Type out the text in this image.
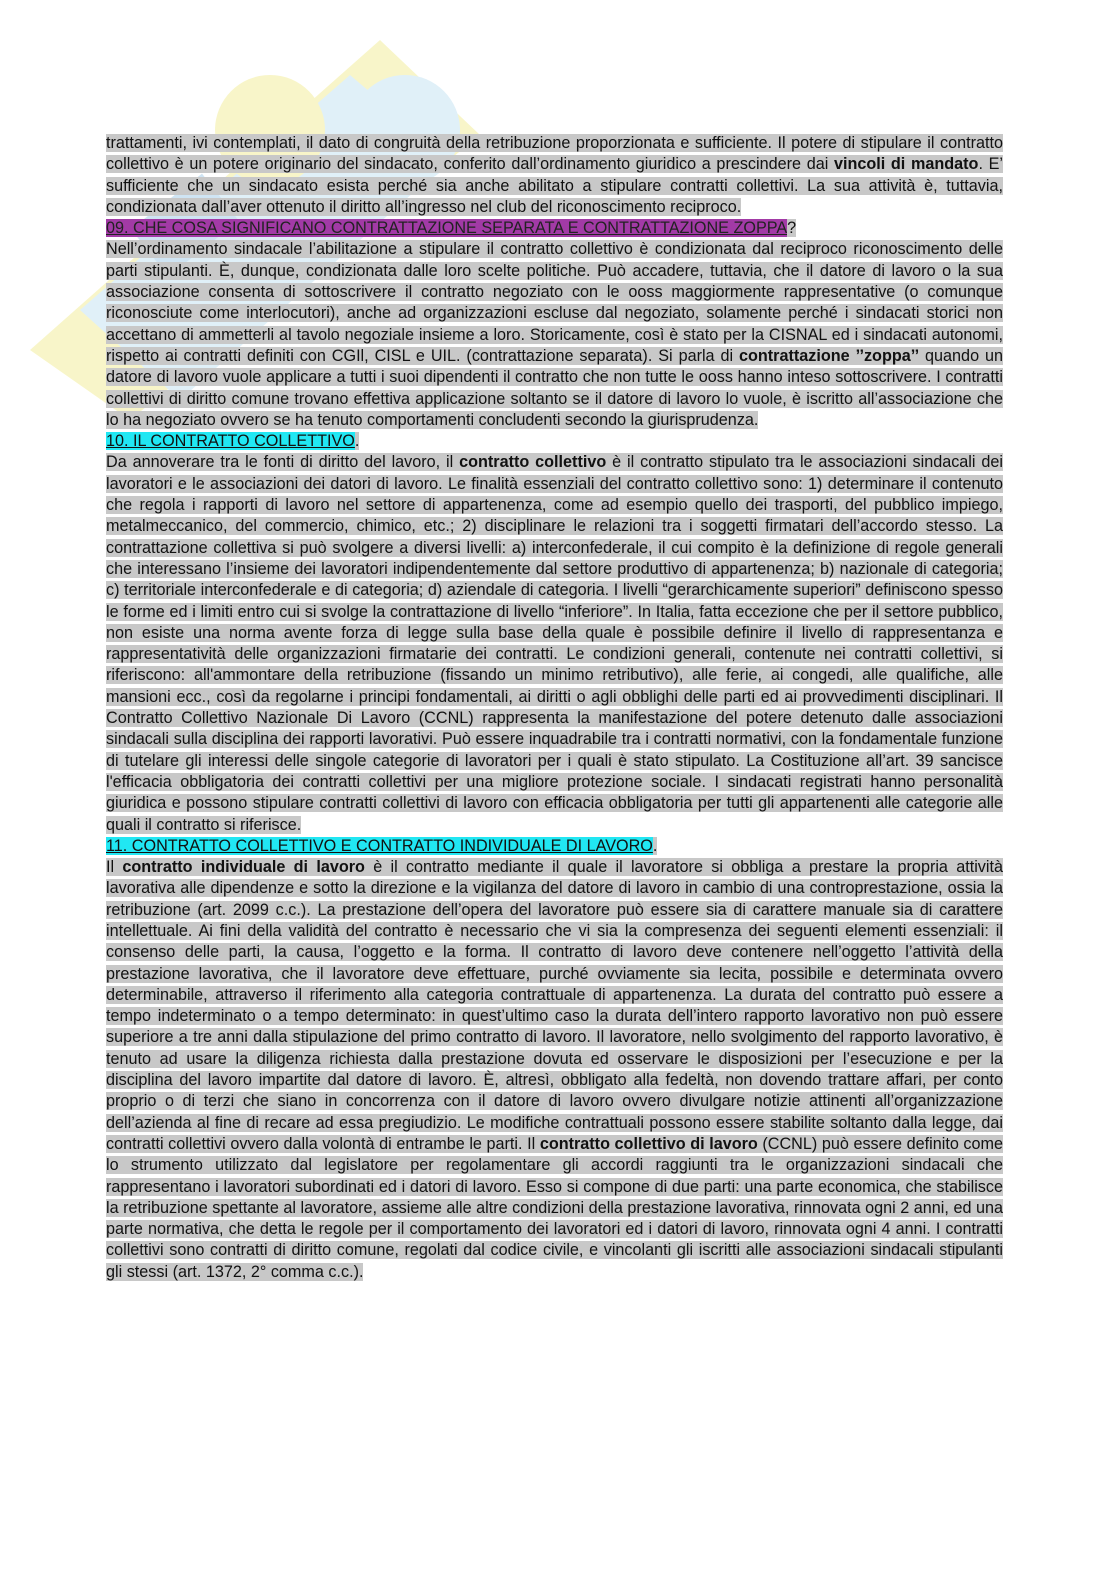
trattamenti, ivi contemplati, il dato di congruità della retribuzione proporzionata e sufficiente. Il potere di stipulare il contratto collettivo è un potere originario del sindacato, conferito dall’ordinamento giuridico a prescindere dai vincoli di mandato. E’ sufficiente che un sindacato esista perché sia anche abilitato a stipulare contratti collettivi. La sua attività è, tuttavia, condizionata dall’aver ottenuto il diritto all’ingresso nel club del riconoscimento reciproco.

09. CHE COSA SIGNIFICANO CONTRATTAZIONE SEPARATA E CONTRATTAZIONE ZOPPA?

Nell’ordinamento sindacale l’abilitazione a stipulare il contratto collettivo è condizionata dal reciproco riconoscimento delle parti stipulanti. È, dunque, condizionata dalle loro scelte politiche. Può accadere, tuttavia, che il datore di lavoro o la sua associazione consenta di sottoscrivere il contratto negoziato con le ooss maggiormente rappresentative (o comunque riconosciute come interlocutori), anche ad organizzazioni escluse dal negoziato, solamente perché i sindacati storici non accettano di ammetterli al tavolo negoziale insieme a loro. Storicamente, così è stato per la CISNAL ed i sindacati autonomi, rispetto ai contratti definiti con CGIl, CISL e UIL. (contrattazione separata). Si parla di contrattazione ’’zoppa’’ quando un datore di lavoro vuole applicare a tutti i suoi dipendenti il contratto che non tutte le ooss hanno inteso sottoscrivere. I contratti collettivi di diritto comune trovano effettiva applicazione soltanto se il datore di lavoro lo vuole, è iscritto all’associazione che lo ha negoziato ovvero se ha tenuto comportamenti concludenti secondo la giurisprudenza.

10. IL CONTRATTO COLLETTIVO.

Da annoverare tra le fonti di diritto del lavoro, il contratto collettivo è il contratto stipulato tra le associazioni sindacali dei lavoratori e le associazioni dei datori di lavoro. Le finalità essenziali del contratto collettivo sono: 1) determinare il contenuto che regola i rapporti di lavoro nel settore di appartenenza, come ad esempio quello dei trasporti, del pubblico impiego, metalmeccanico, del commercio, chimico, etc.; 2) disciplinare le relazioni tra i soggetti firmatari dell’accordo stesso. La contrattazione collettiva si può svolgere a diversi livelli: a) interconfederale, il cui compito è la definizione di regole generali che interessano l’insieme dei lavoratori indipendentemente dal settore produttivo di appartenenza; b) nazionale di categoria; c) territoriale interconfederale e di categoria; d) aziendale di categoria. I livelli “gerarchicamente superiori” definiscono spesso le forme ed i limiti entro cui si svolge la contrattazione di livello “inferiore”. In Italia, fatta eccezione che per il settore pubblico, non esiste una norma avente forza di legge sulla base della quale è possibile definire il livello di rappresentanza e rappresentatività delle organizzazioni firmatarie dei contratti. Le condizioni generali, contenute nei contratti collettivi, si riferiscono: all'ammontare della retribuzione (fissando un minimo retributivo), alle ferie, ai congedi, alle qualifiche, alle mansioni ecc., così da regolarne i principi fondamentali, ai diritti o agli obblighi delle parti ed ai provvedimenti disciplinari. Il Contratto Collettivo Nazionale Di Lavoro (CCNL) rappresenta la manifestazione del potere detenuto dalle associazioni sindacali sulla disciplina dei rapporti lavorativi. Può essere inquadrabile tra i contratti normativi, con la fondamentale funzione di tutelare gli interessi delle singole categorie di lavoratori per i quali è stato stipulato. La Costituzione all’art. 39 sancisce l'efficacia obbligatoria dei contratti collettivi per una migliore protezione sociale. I sindacati registrati hanno personalità giuridica e possono stipulare contratti collettivi di lavoro con efficacia obbligatoria per tutti gli appartenenti alle categorie alle quali il contratto si riferisce.

11. CONTRATTO COLLETTIVO E CONTRATTO INDIVIDUALE DI LAVORO.

Il contratto individuale di lavoro è il contratto mediante il quale il lavoratore si obbliga a prestare la propria attività lavorativa alle dipendenze e sotto la direzione e la vigilanza del datore di lavoro in cambio di una controprestazione, ossia la retribuzione (art. 2099 c.c.). La prestazione dell’opera del lavoratore può essere sia di carattere manuale sia di carattere intellettuale. Ai fini della validità del contratto è necessario che vi sia la compresenza dei seguenti elementi essenziali: il consenso delle parti, la causa, l’oggetto e la forma. Il contratto di lavoro deve contenere nell’oggetto l’attività della prestazione lavorativa, che il lavoratore deve effettuare, purché ovviamente sia lecita, possibile e determinata ovvero determinabile, attraverso il riferimento alla categoria contrattuale di appartenenza. La durata del contratto può essere a tempo indeterminato o a tempo determinato: in quest’ultimo caso la durata dell’intero rapporto lavorativo non può essere superiore a tre anni dalla stipulazione del primo contratto di lavoro. Il lavoratore, nello svolgimento del rapporto lavorativo, è tenuto ad usare la diligenza richiesta dalla prestazione dovuta ed osservare le disposizioni per l’esecuzione e per la disciplina del lavoro impartite dal datore di lavoro. È, altresì, obbligato alla fedeltà, non dovendo trattare affari, per conto proprio o di terzi che siano in concorrenza con il datore di lavoro ovvero divulgare notizie attinenti all’organizzazione dell’azienda al fine di recare ad essa pregiudizio. Le modifiche contrattuali possono essere stabilite soltanto dalla legge, dai contratti collettivi ovvero dalla volontà di entrambe le parti. Il contratto collettivo di lavoro (CCNL) può essere definito come lo strumento utilizzato dal legislatore per regolamentare gli accordi raggiunti tra le organizzazioni sindacali che rappresentano i lavoratori subordinati ed i datori di lavoro. Esso si compone di due parti: una parte economica, che stabilisce la retribuzione spettante al lavoratore, assieme alle altre condizioni della prestazione lavorativa, rinnovata ogni 2 anni, ed una parte normativa, che detta le regole per il comportamento dei lavoratori ed i datori di lavoro, rinnovata ogni 4 anni. I contratti collettivi sono contratti di diritto comune, regolati dal codice civile, e vincolanti gli iscritti alle associazioni sindacali stipulanti gli stessi (art. 1372, 2° comma c.c.).
